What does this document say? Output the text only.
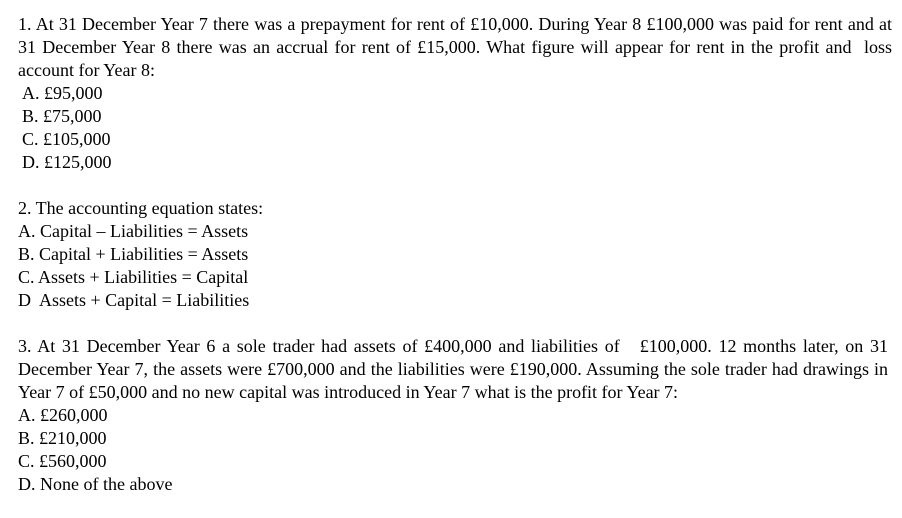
1. At 31 December Year 7 there was a prepayment for rent of £10,000. During Year 8 £100,000 was paid for rent and at 31 December Year 8 there was an accrual for rent of £15,000. What figure will appear for rent in the profit and  loss account for Year 8:

A. £95,000
B. £75,000
C. £105,000
D. £125,000

2. The accounting equation states:

A. Capital – Liabilities = Assets
B. Capital + Liabilities = Assets
C. Assets + Liabilities = Capital
D  Assets + Capital = Liabilities

3. At 31 December Year 6 a sole trader had assets of £400,000 and liabilities of   £100,000. 12 months later, on 31 December Year 7, the assets were £700,000 and the liabilities were £190,000. Assuming the sole trader had drawings in Year 7 of £50,000 and no new capital was introduced in Year 7 what is the profit for Year 7:

A. £260,000
B. £210,000
C. £560,000
D. None of the above
